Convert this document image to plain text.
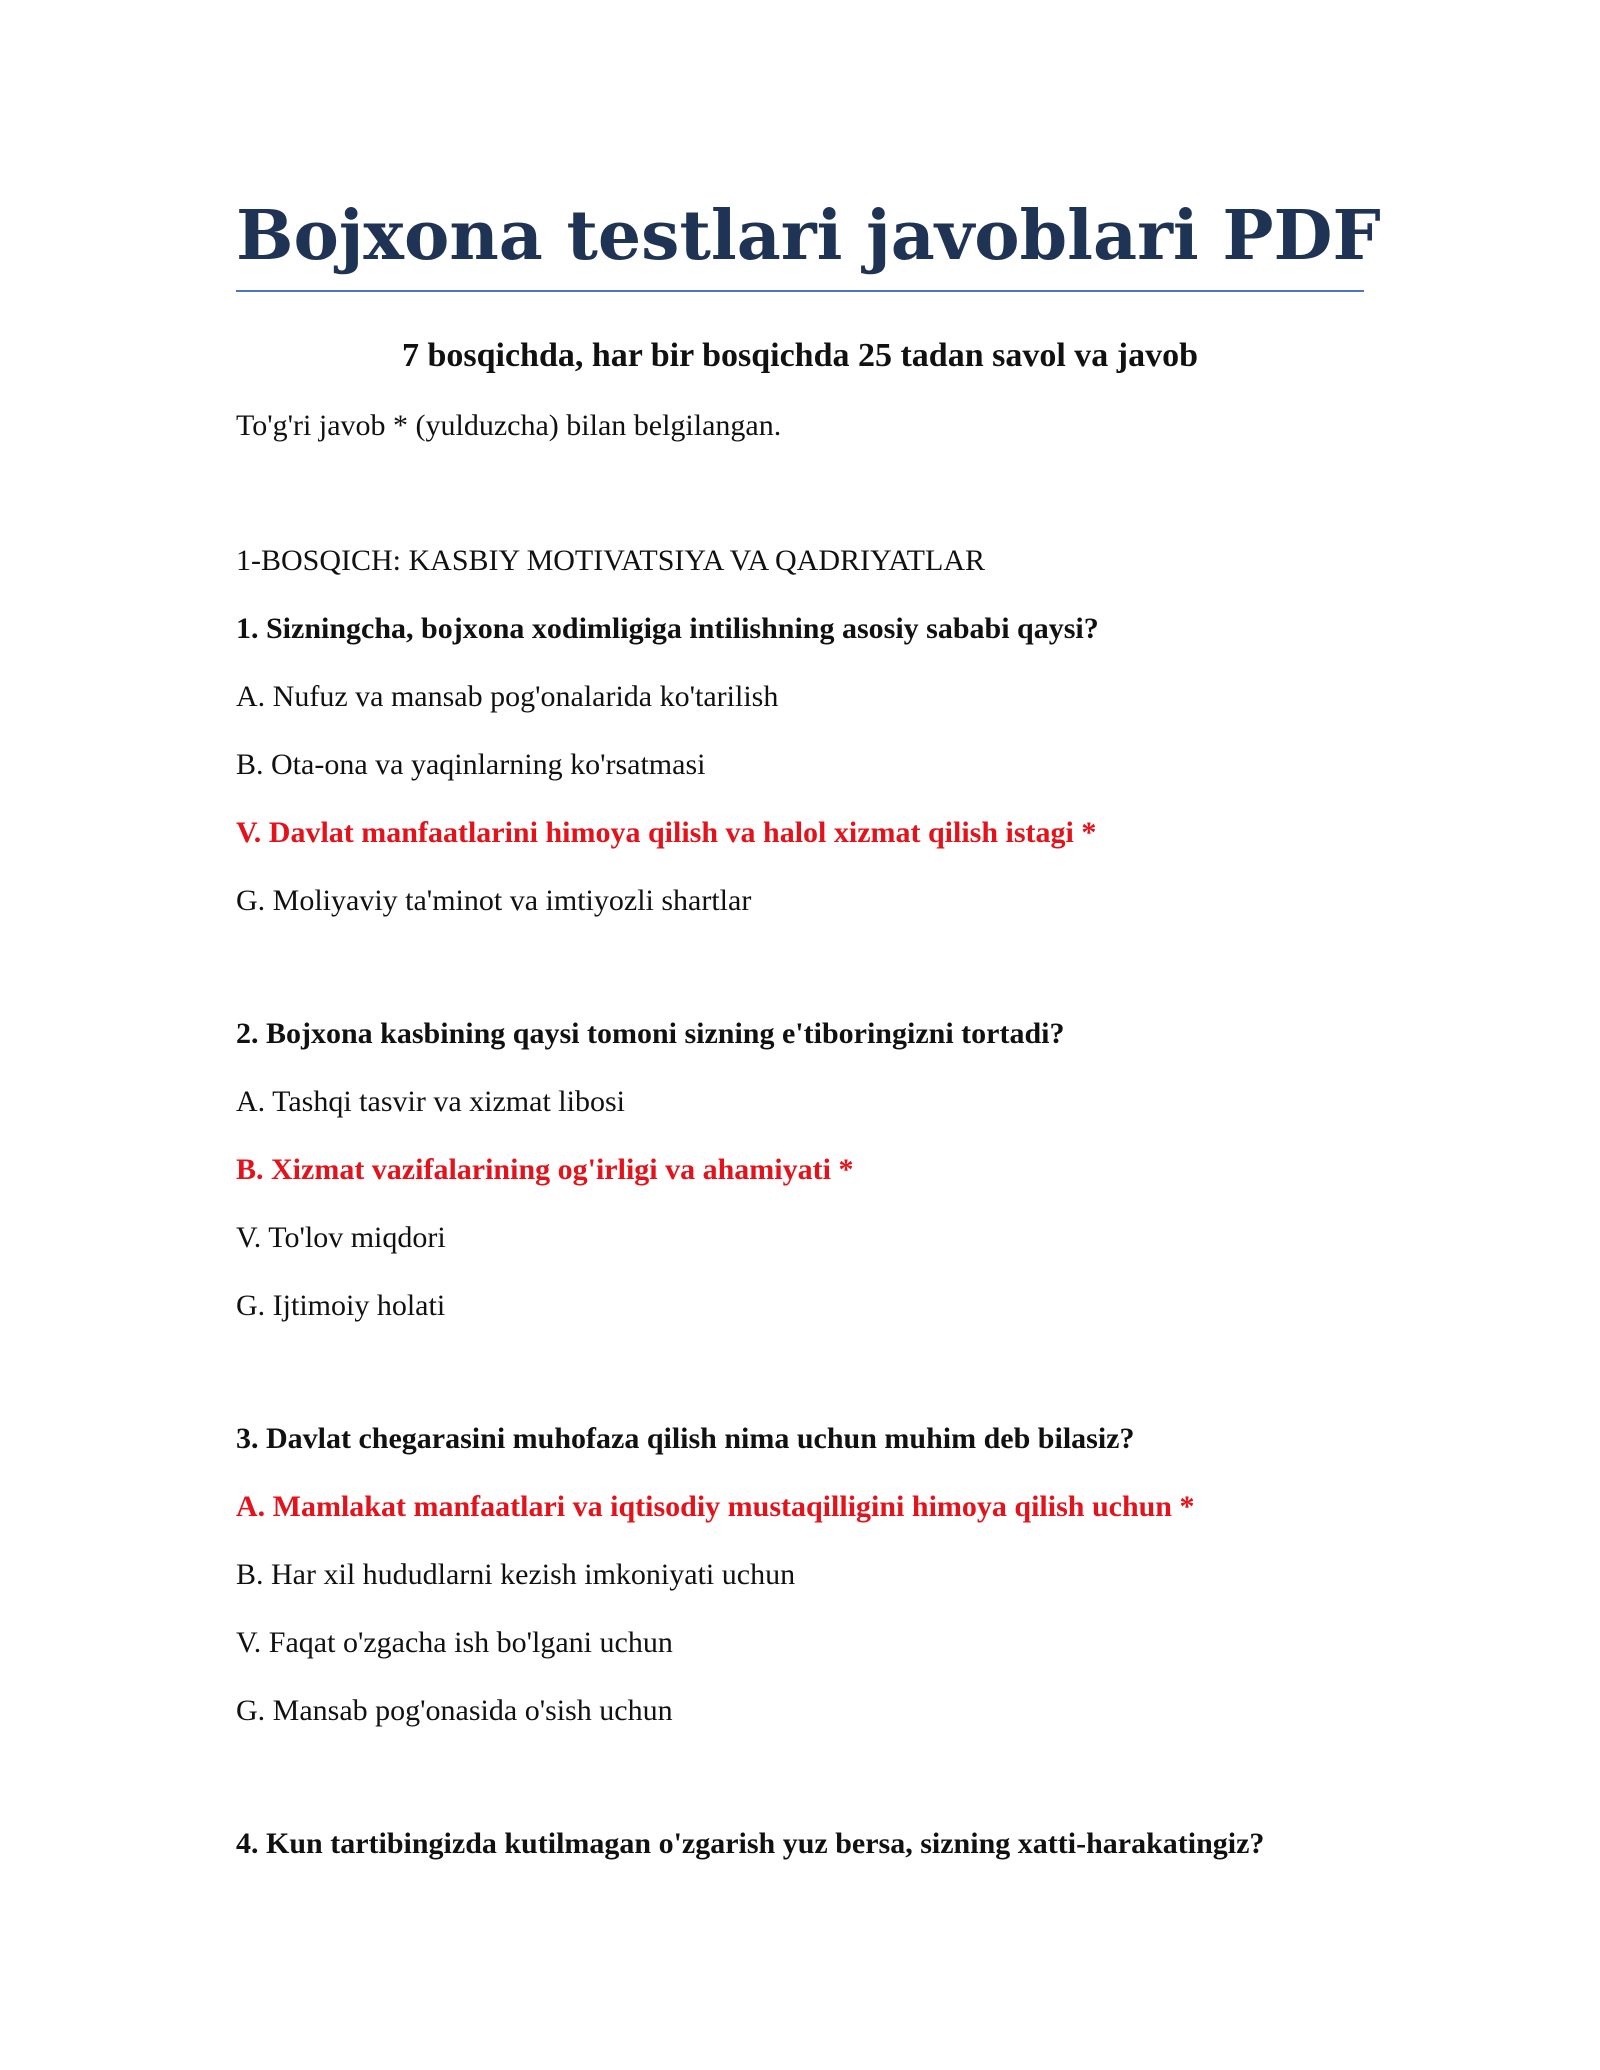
Bojxona testlari javoblari PDF
7 bosqichda, har bir bosqichda 25 tadan savol va javob

To'g'ri javob * (yulduzcha) bilan belgilangan.

1-BOSQICH: KASBIY MOTIVATSIYA VA QADRIYATLAR

1. Sizningcha, bojxona xodimligiga intilishning asosiy sababi qaysi?

A. Nufuz va mansab pog'onalarida ko'tarilish

B. Ota-ona va yaqinlarning ko'rsatmasi

V. Davlat manfaatlarini himoya qilish va halol xizmat qilish istagi *

G. Moliyaviy ta'minot va imtiyozli shartlar

2. Bojxona kasbining qaysi tomoni sizning e'tiboringizni tortadi?

A. Tashqi tasvir va xizmat libosi

B. Xizmat vazifalarining og'irligi va ahamiyati *

V. To'lov miqdori

G. Ijtimoiy holati

3. Davlat chegarasini muhofaza qilish nima uchun muhim deb bilasiz?

A. Mamlakat manfaatlari va iqtisodiy mustaqilligini himoya qilish uchun *

B. Har xil hududlarni kezish imkoniyati uchun

V. Faqat o'zgacha ish bo'lgani uchun

G. Mansab pog'onasida o'sish uchun

4. Kun tartibingizda kutilmagan o'zgarish yuz bersa, sizning xatti-harakatingiz?
